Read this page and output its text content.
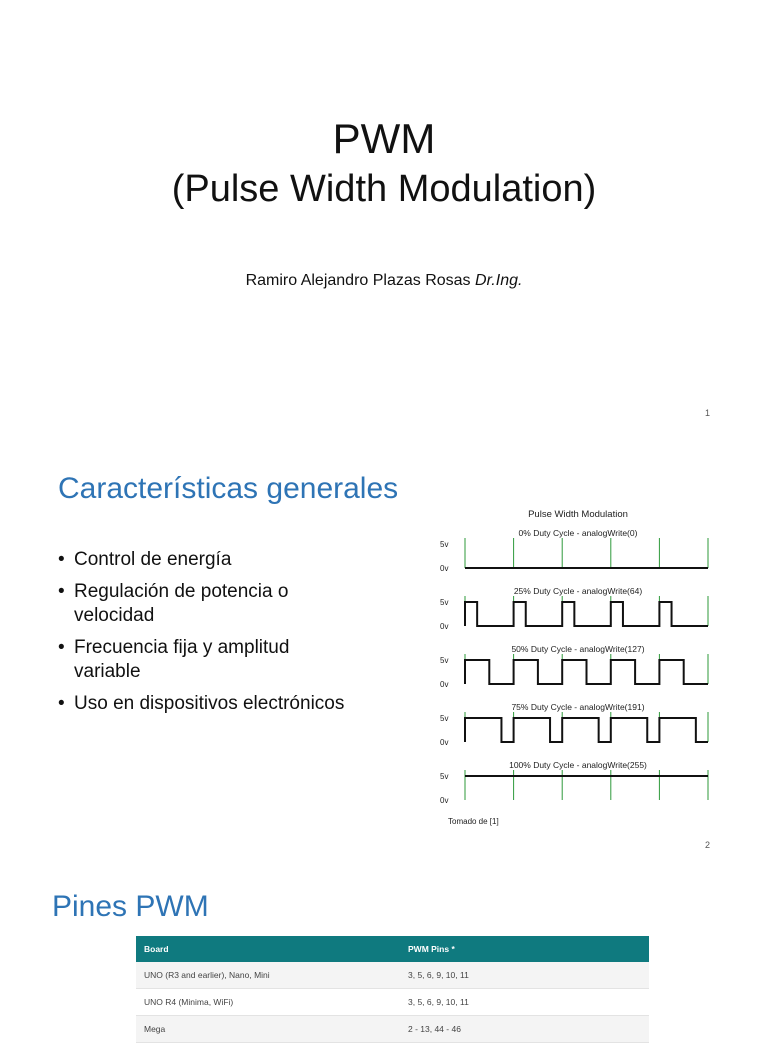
PWM
(Pulse Width Modulation)
Ramiro Alejandro Plazas Rosas Dr.Ing.
1
Características generales
• Control de energía
• Regulación de potencia o velocidad
• Frecuencia fija y amplitud variable
• Uso en dispositivos electrónicos
Pulse Width Modulation
Tomado de [1]
0% Duty Cycle - analogWrite(0)
5v
0v
25% Duty Cycle - analogWrite(64)
5v
0v
50% Duty Cycle - analogWrite(127)
5v
0v
75% Duty Cycle - analogWrite(191)
5v
0v
100% Duty Cycle - analogWrite(255)
5v
0v
2
Pines PWM
Board	PWM Pins *
UNO (R3 and earlier), Nano, Mini	3, 5, 6, 9, 10, 11
UNO R4 (Minima, WiFi)	3, 5, 6, 9, 10, 11
Mega	2 - 13, 44 - 46
